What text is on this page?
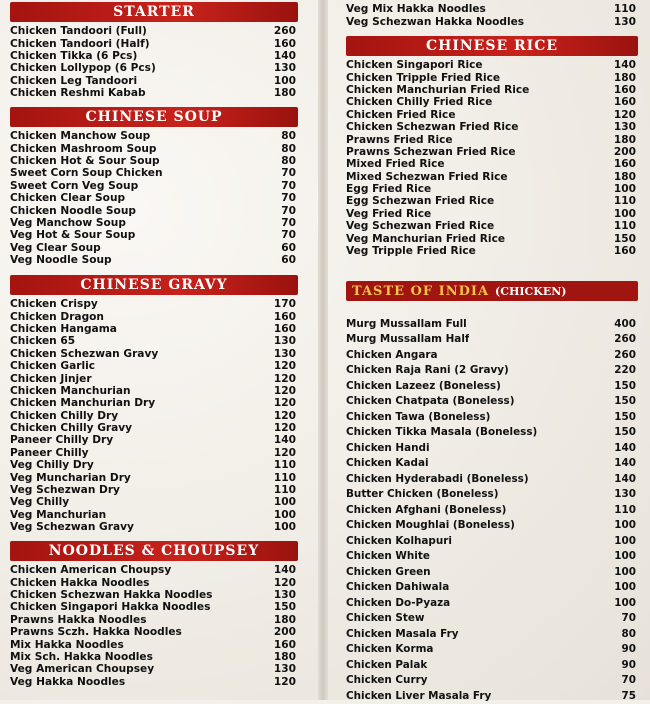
STARTER
Chicken Tandoori (Full)	260
Chicken Tandoori (Half)	160
Chicken Tikka (6 Pcs)	140
Chicken Lollypop (6 Pcs)	130
Chicken Leg Tandoori	100
Chicken Reshmi Kabab	180
CHINESE SOUP
Chicken Manchow Soup	80
Chicken Mashroom Soup	80
Chicken Hot & Sour Soup	80
Sweet Corn Soup Chicken	70
Sweet Corn Veg Soup	70
Chicken Clear Soup	70
Chicken Noodle Soup	70
Veg Manchow Soup	70
Veg Hot & Sour Soup	70
Veg Clear Soup	60
Veg Noodle Soup	60
CHINESE GRAVY
Chicken Crispy	170
Chicken Dragon	160
Chicken Hangama	160
Chicken 65	130
Chicken Schezwan Gravy	130
Chicken Garlic	120
Chicken Jinjer	120
Chicken Manchurian	120
Chicken Manchurian Dry	120
Chicken Chilly Dry	120
Chicken Chilly Gravy	120
Paneer Chilly Dry	140
Paneer Chilly	120
Veg Chilly Dry	110
Veg Muncharian Dry	110
Veg Schezwan Dry	110
Veg Chilly	100
Veg Manchurian	100
Veg Schezwan Gravy	100
NOODLES & CHOUPSEY
Chicken American Choupsy	140
Chicken Hakka Noodles	120
Chicken Schezwan Hakka Noodles	130
Chicken Singapori Hakka Noodles	150
Prawns Hakka Noodles	180
Prawns Sczh. Hakka Noodles	200
Mix Hakka Noodles	160
Mix Sch. Hakka Noodles	180
Veg American Choupsey	130
Veg Hakka Noodles	120
Veg Mix Hakka Noodles	110
Veg Schezwan Hakka Noodles	130
CHINESE RICE
Chicken Singapori Rice	140
Chicken Tripple Fried Rice	180
Chicken Manchurian Fried Rice	160
Chicken Chilly Fried Rice	160
Chicken Fried Rice	120
Chicken Schezwan Fried Rice	130
Prawns Fried Rice	180
Prawns Schezwan Fried Rice	200
Mixed Fried Rice	160
Mixed Schezwan Fried Rice	180
Egg Fried Rice	100
Egg Schezwan Fried Rice	110
Veg Fried Rice	100
Veg Schezwan Fried Rice	110
Veg Manchurian Fried Rice	150
Veg Tripple Fried Rice	160
TASTE OF INDIA (CHICKEN)
Murg Mussallam Full	400
Murg Mussallam Half	260
Chicken Angara	260
Chicken Raja Rani (2 Gravy)	220
Chicken Lazeez (Boneless)	150
Chicken Chatpata (Boneless)	150
Chicken Tawa (Boneless)	150
Chicken Tikka Masala (Boneless)	150
Chicken Handi	140
Chicken Kadai	140
Chicken Hyderabadi (Boneless)	140
Butter Chicken (Boneless)	130
Chicken Afghani (Boneless)	110
Chicken Moughlai (Boneless)	100
Chicken Kolhapuri	100
Chicken White	100
Chicken Green	100
Chicken Dahiwala	100
Chicken Do-Pyaza	100
Chicken Stew	70
Chicken Masala Fry	80
Chicken Korma	90
Chicken Palak	90
Chicken Curry	70
Chicken Liver Masala Fry	75
